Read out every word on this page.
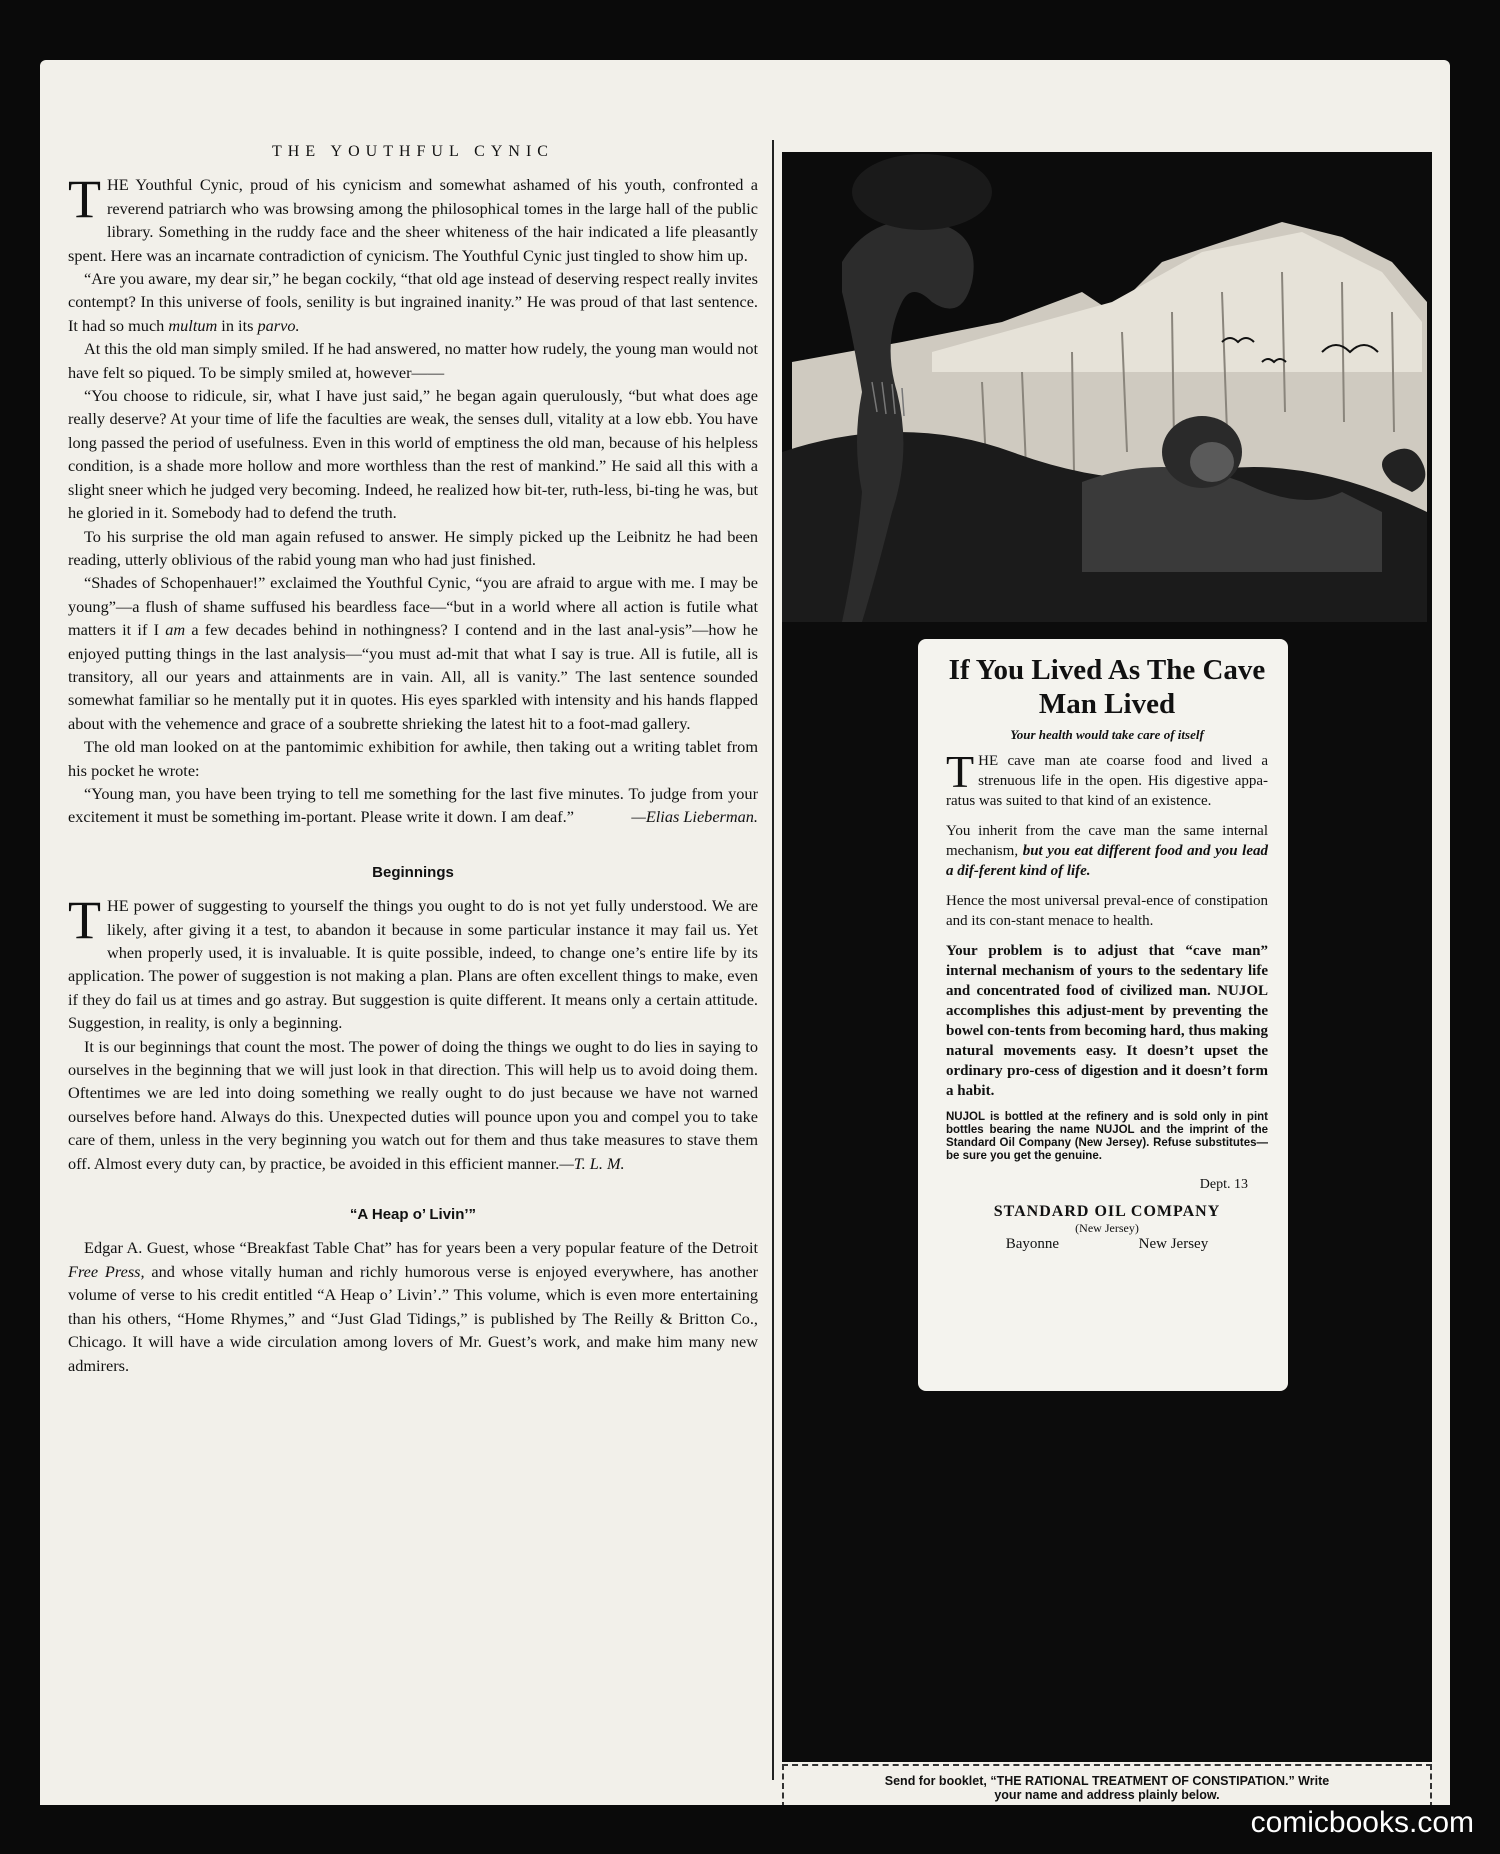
THE YOUTHFUL CYNIC

THE Youthful Cynic, proud of his cynicism and somewhat ashamed of his youth, confronted a reverend patriarch who was browsing among the philosophical tomes in the large hall of the public library. Something in the ruddy face and the sheer whiteness of the hair indicated a life pleasantly spent. Here was an incarnate contradiction of cynicism. The Youthful Cynic just tingled to show him up.

“Are you aware, my dear sir,” he began cockily, “that old age instead of deserving respect really invites contempt? In this universe of fools, senility is but ingrained inanity.” He was proud of that last sentence. It had so much multum in its parvo.

At this the old man simply smiled. If he had answered, no matter how rudely, the young man would not have felt so piqued. To be simply smiled at, however——

“You choose to ridicule, sir, what I have just said,” he began again querulously, “but what does age really deserve? At your time of life the faculties are weak, the senses dull, vitality at a low ebb. You have long passed the period of usefulness. Even in this world of emptiness the old man, because of his helpless condition, is a shade more hollow and more worthless than the rest of mankind.” He said all this with a slight sneer which he judged very becoming. Indeed, he realized how bit-ter, ruth-less, bi-ting he was, but he gloried in it. Somebody had to defend the truth.

To his surprise the old man again refused to answer. He simply picked up the Leibnitz he had been reading, utterly oblivious of the rabid young man who had just finished.

“Shades of Schopenhauer!” exclaimed the Youthful Cynic, “you are afraid to argue with me. I may be young”—a flush of shame suffused his beardless face—“but in a world where all action is futile what matters it if I am a few decades behind in nothingness? I contend and in the last anal-ysis”—how he enjoyed putting things in the last analysis—“you must ad-mit that what I say is true. All is futile, all is transitory, all our years and attainments are in vain. All, all is vanity.” The last sentence sounded somewhat familiar so he mentally put it in quotes. His eyes sparkled with intensity and his hands flapped about with the vehemence and grace of a soubrette shrieking the latest hit to a foot-mad gallery.

The old man looked on at the pantomimic exhibition for awhile, then taking out a writing tablet from his pocket he wrote:

“Young man, you have been trying to tell me something for the last five minutes. To judge from your excitement it must be something im-portant. Please write it down. I am deaf.”	—Elias Lieberman.

Beginnings

THE power of suggesting to yourself the things you ought to do is not yet fully understood. We are likely, after giving it a test, to abandon it because in some particular instance it may fail us. Yet when properly used, it is invaluable. It is quite possible, indeed, to change one’s entire life by its application. The power of suggestion is not making a plan. Plans are often excellent things to make, even if they do fail us at times and go astray. But suggestion is quite different. It means only a certain attitude. Suggestion, in reality, is only a beginning.

It is our beginnings that count the most. The power of doing the things we ought to do lies in saying to ourselves in the beginning that we will just look in that direction. This will help us to avoid doing them. Oftentimes we are led into doing something we really ought to do just because we have not warned ourselves before hand. Always do this. Unexpected duties will pounce upon you and compel you to take care of them, unless in the very beginning you watch out for them and thus take measures to stave them off. Almost every duty can, by practice, be avoided in this efficient manner.—T. L. M.

“A Heap o’ Livin’”

Edgar A. Guest, whose “Breakfast Table Chat” has for years been a very popular feature of the Detroit Free Press, and whose vitally human and richly humorous verse is enjoyed everywhere, has another volume of verse to his credit entitled “A Heap o’ Livin’.” This volume, which is even more entertaining than his others, “Home Rhymes,” and “Just Glad Tidings,” is published by The Reilly & Britton Co., Chicago. It will have a wide circulation among lovers of Mr. Guest’s work, and make him many new admirers.

If You Lived As The Cave Man Lived
Your health would take care of itself

THE cave man ate coarse food and lived a strenuous life in the open. His digestive appa-ratus was suited to that kind of an existence.

You inherit from the cave man the same internal mechanism, but you eat different food and you lead a dif-ferent kind of life.

Hence the most universal preval-ence of constipation and its con-stant menace to health.

Your problem is to adjust that “cave man” internal mechanism of yours to the sedentary life and concentrated food of civilized man. NUJOL accomplishes this adjust-ment by preventing the bowel con-tents from becoming hard, thus making natural movements easy. It doesn’t upset the ordinary pro-cess of digestion and it doesn’t form a habit.

NUJOL is bottled at the refinery and is sold only in pint bottles bearing the name NUJOL and the imprint of the Standard Oil Company (New Jersey). Refuse substitutes—be sure you get the genuine.

Dept. 13
STANDARD OIL COMPANY
(New Jersey)
Bayonne	New Jersey
Send for booklet, “THE RATIONAL TREATMENT OF CONSTIPATION.” Write
your name and address plainly below.
comicbooks.com
